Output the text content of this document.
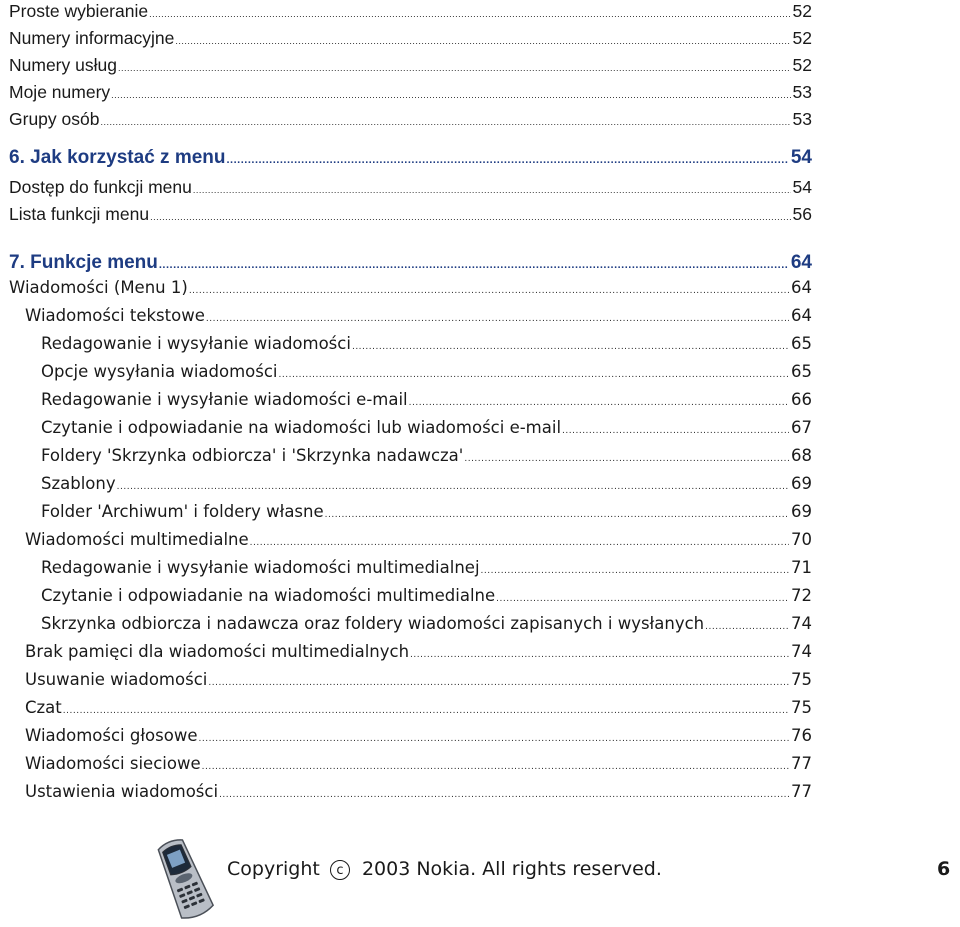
Proste wybieranie .....	52
Numery informacyjne .....	52
Numery usług .....	52
Moje numery .....	53
Grupy osób .....	53
6. Jak korzystać z menu .....	54
Dostęp do funkcji menu .....	54
Lista funkcji menu .....	56
7. Funkcje menu .....	64
Wiadomości (Menu 1) .....	64
Wiadomości tekstowe .....	64
Redagowanie i wysyłanie wiadomości .....	65
Opcje wysyłania wiadomości .....	65
Redagowanie i wysyłanie wiadomości e-mail .....	66
Czytanie i odpowiadanie na wiadomości lub wiadomości e-mail .....	67
Foldery 'Skrzynka odbiorcza' i 'Skrzynka nadawcza' .....	68
Szablony .....	69
Folder 'Archiwum' i foldery własne .....	69
Wiadomości multimedialne .....	70
Redagowanie i wysyłanie wiadomości multimedialnej .....	71
Czytanie i odpowiadanie na wiadomości multimedialne .....	72
Skrzynka odbiorcza i nadawcza oraz foldery wiadomości zapisanych i wysłanych .....	74
Brak pamięci dla wiadomości multimedialnych .....	74
Usuwanie wiadomości .....	75
Czat .....	75
Wiadomości głosowe .....	76
Wiadomości sieciowe .....	77
Ustawienia wiadomości .....	77
Copyright c 2003 Nokia. All rights reserved.	6
